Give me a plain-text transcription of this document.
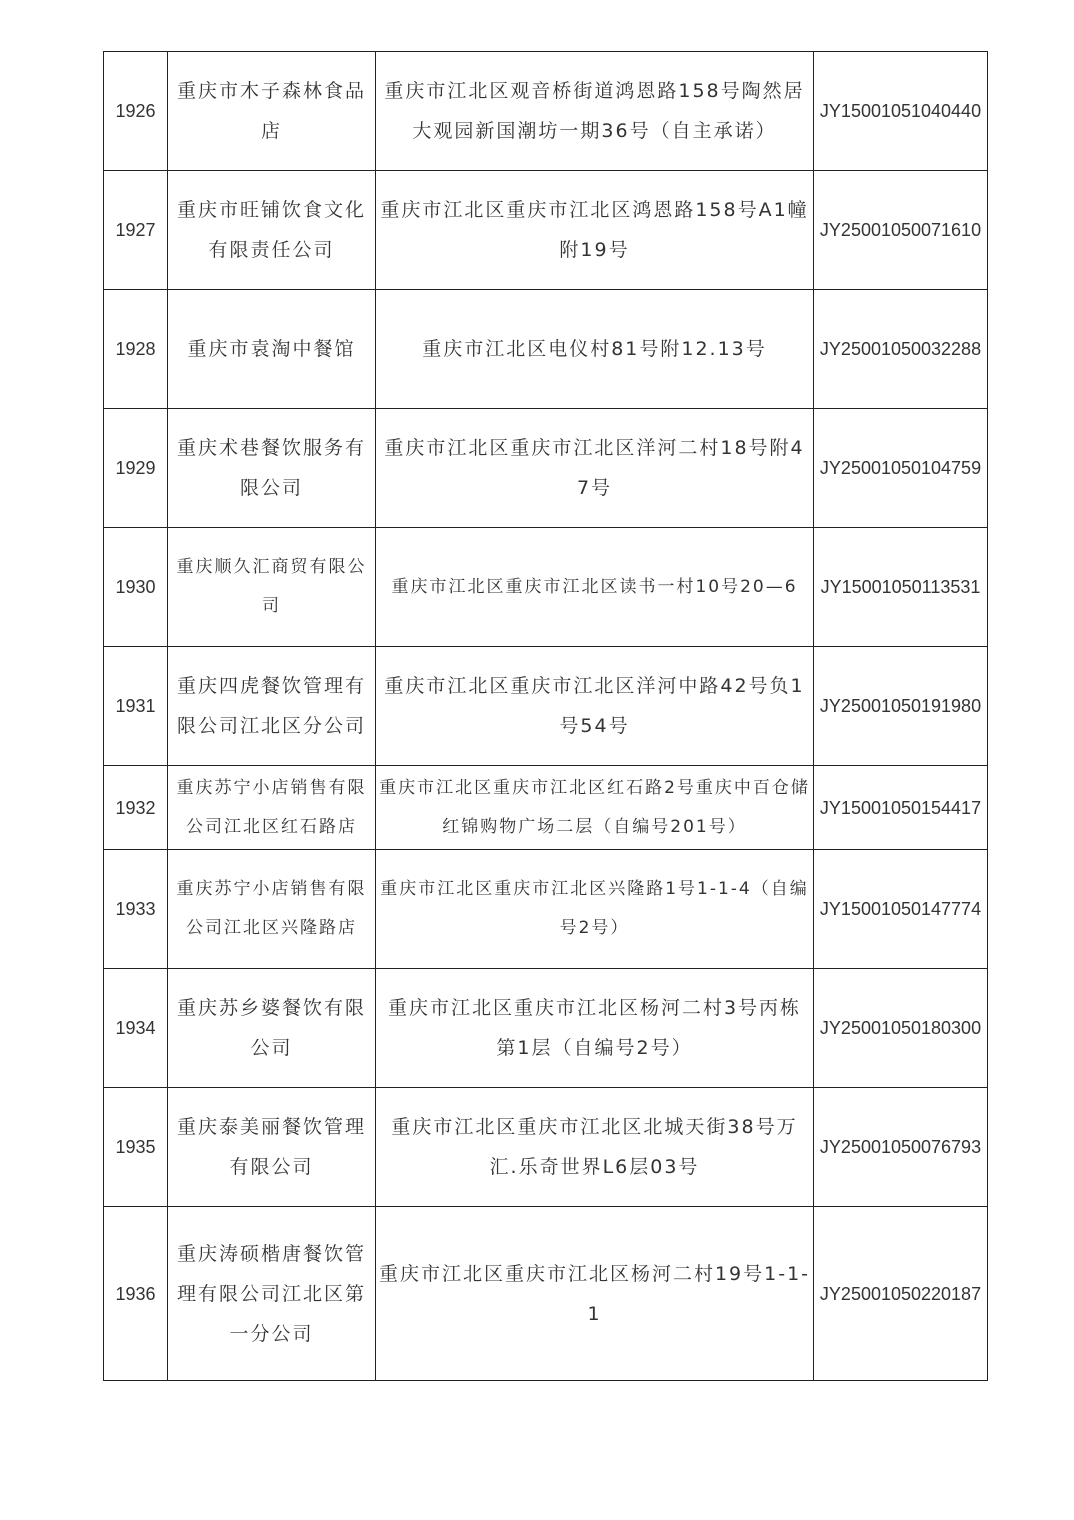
1926	重庆市木子森林食品店	重庆市江北区观音桥街道鸿恩路158号陶然居大观园新国潮坊一期36号（自主承诺）	JY15001051040440
1927	重庆市旺铺饮食文化有限责任公司	重庆市江北区重庆市江北区鸿恩路158号A1幢附19号	JY25001050071610
1928	重庆市袁淘中餐馆	重庆市江北区电仪村81号附12.13号	JY25001050032288
1929	重庆术巷餐饮服务有限公司	重庆市江北区重庆市江北区洋河二村18号附47号	JY25001050104759
1930	重庆顺久汇商贸有限公司	重庆市江北区重庆市江北区读书一村10号20—6	JY15001050113531
1931	重庆四虎餐饮管理有限公司江北区分公司	重庆市江北区重庆市江北区洋河中路42号负1号54号	JY25001050191980
1932	重庆苏宁小店销售有限公司江北区红石路店	重庆市江北区重庆市江北区红石路2号重庆中百仓储红锦购物广场二层（自编号201号）	JY15001050154417
1933	重庆苏宁小店销售有限公司江北区兴隆路店	重庆市江北区重庆市江北区兴隆路1号1-1-4（自编号2号）	JY15001050147774
1934	重庆苏乡婆餐饮有限公司	重庆市江北区重庆市江北区杨河二村3号丙栋第1层（自编号2号）	JY25001050180300
1935	重庆泰美丽餐饮管理有限公司	重庆市江北区重庆市江北区北城天街38号万汇.乐奇世界L6层03号	JY25001050076793
1936	重庆涛硕楷唐餐饮管理有限公司江北区第一分公司	重庆市江北区重庆市江北区杨河二村19号1-1-1	JY25001050220187
